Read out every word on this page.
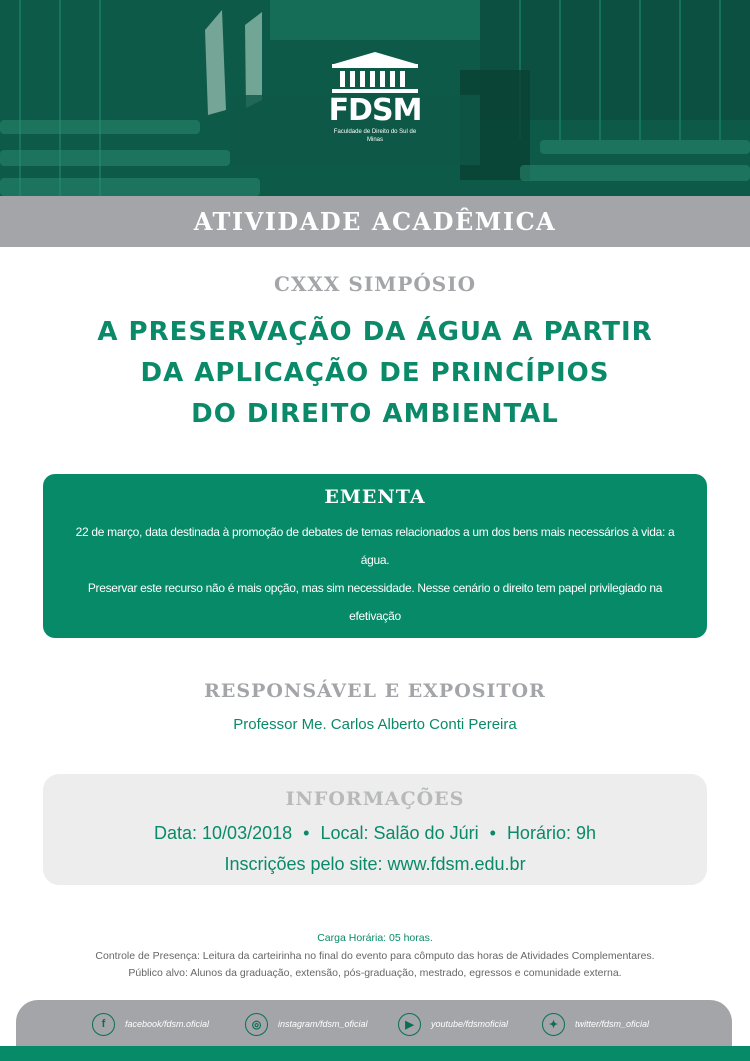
FDSM
Faculdade de Direito do Sul de Minas
ATIVIDADE ACADÊMICA
CXXX SIMPÓSIO
A PRESERVAÇÃO DA ÁGUA A PARTIR
DA APLICAÇÃO DE PRINCÍPIOS
DO DIREITO AMBIENTAL
EMENTA
22 de março, data destinada à promoção de debates de temas relacionados a um dos bens mais necessários à vida: a água.
Preservar este recurso não é mais opção, mas sim necessidade. Nesse cenário o direito tem papel privilegiado na efetivação
da sua proteção, com destaque para a implementação dos princípios específicos da temática ambiental. Neste sentido,
conscientização, preservação, proteção jurídica e desenvolvimento sustentável são palavras de ordem.
RESPONSÁVEL E EXPOSITOR
Professor Me. Carlos Alberto Conti Pereira
INFORMAÇÕES
Data: 10/03/2018 • Local: Salão do Júri • Horário: 9h
Inscrições pelo site: www.fdsm.edu.br
Carga Horária: 05 horas.
Controle de Presença: Leitura da carteirinha no final do evento para cômputo das horas de Atividades Complementares.
Público alvo: Alunos da graduação, extensão, pós-graduação, mestrado, egressos e comunidade externa.
f	facebook/fdsm.oficial	◎	instagram/fdsm_oficial	▶	youtube/fdsmoficial	✦	twitter/fdsm_oficial
